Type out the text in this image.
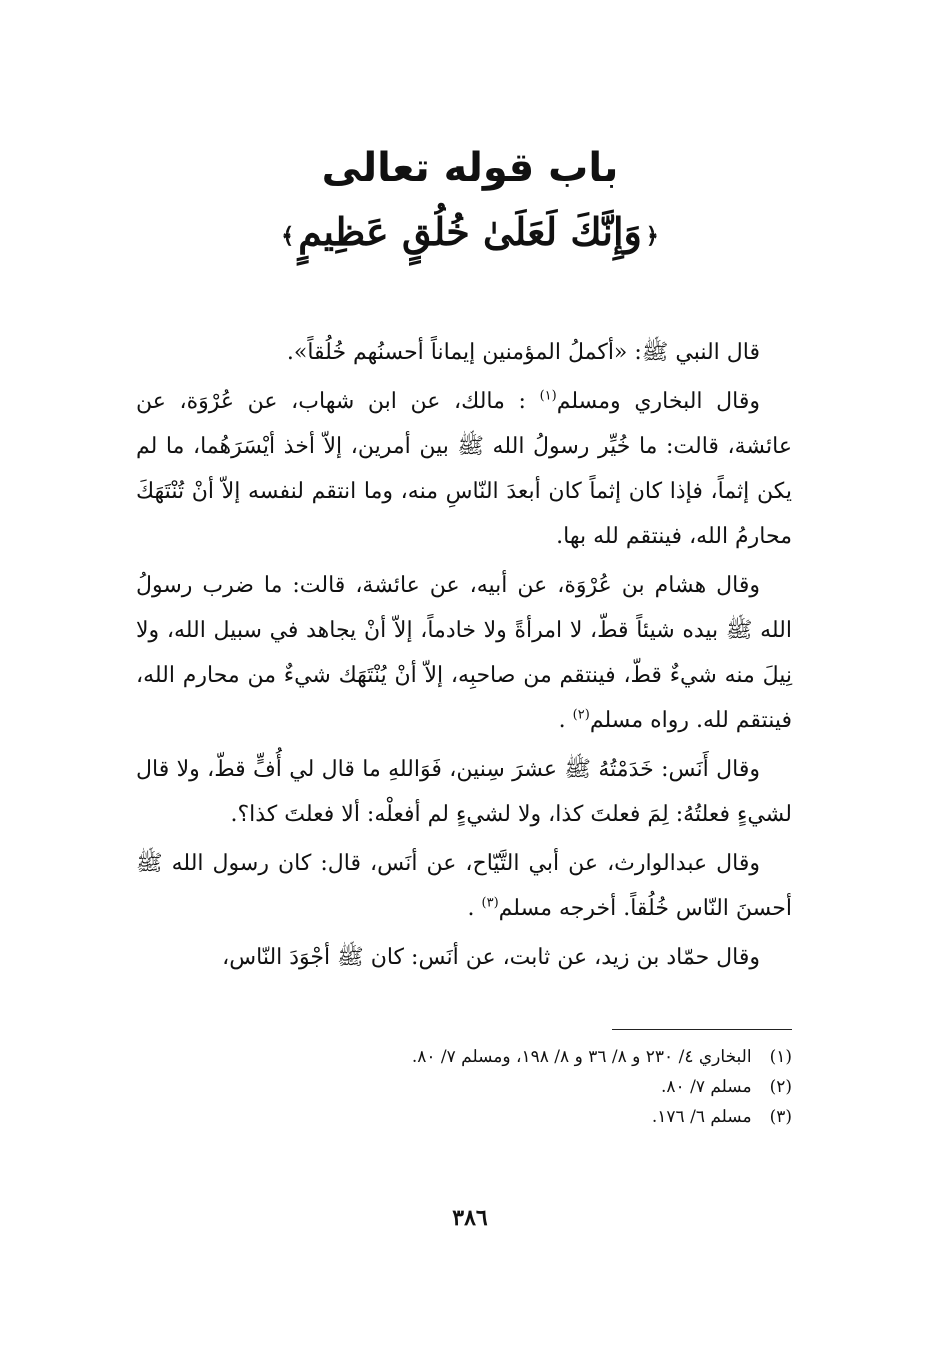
باب قوله تعالى
﴿وَإِنَّكَ لَعَلَىٰ خُلُقٍ عَظِيمٍ﴾

قال النبي ﷺ: «أكملُ المؤمنين إيماناً أحسنُهم خُلُقاً».

وقال البخاري ومسلم$^{(١)}$ : مالك، عن ابن شهاب، عن عُرْوَة، عن عائشة، قالت: ما خُيِّر رسولُ الله ﷺ بين أمرين، إلاّ أخذ أيْسَرَهُما، ما لم يكن إثماً، فإذا كان إثماً كان أبعدَ النّاسِ منه، وما انتقم لنفسه إلاّ أنْ تُنْتَهَكَ محارمُ الله، فينتقم لله بها.

وقال هشام بن عُرْوَة، عن أبيه، عن عائشة، قالت: ما ضرب رسولُ الله ﷺ بيده شيئاً قطّ، لا امرأةً ولا خادماً، إلاّ أنْ يجاهد في سبيل الله، ولا نِيلَ منه شيءٌ قطّ، فينتقم من صاحبِه، إلاّ أنْ يُنْتَهَك شيءٌ من محارم الله، فينتقم لله. رواه مسلم$^{(٢)}$ .

وقال أَنَس: خَدَمْتُهُ ﷺ عشرَ سِنين، فَوَاللهِ ما قال لي أُفٍّ قطّ، ولا قال لشيءٍ فعلتُهُ: لِمَ فعلتَ كذا، ولا لشيءٍ لم أفعلْه: ألا فعلتَ كذا؟.

وقال عبدالوارث، عن أبي التَّيّاح، عن أنَس، قال: كان رسول الله ﷺ أحسنَ النّاس خُلُقاً. أخرجه مسلم$^{(٣)}$ .

وقال حمّاد بن زيد، عن ثابت، عن أنَس: كان ﷺ أجْوَدَ النّاس،

(١)
البخاري ٤/ ٢٣٠ و ٨/ ٣٦ و ٨/ ١٩٨، ومسلم ٧/ ٨٠.
(٢)
مسلم ٧/ ٨٠.
(٣)
مسلم ٦/ ١٧٦.
٣٨٦
